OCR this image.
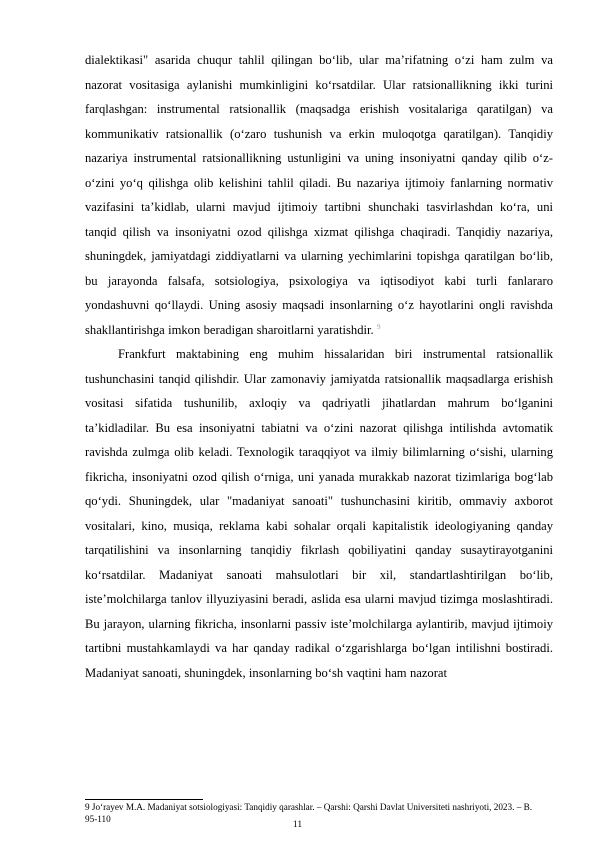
dialektikasi" asarida chuqur tahlil qilingan bo‘lib, ular ma’rifatning o‘zi ham zulm va nazorat vositasiga aylanishi mumkinligini ko‘rsatdilar. Ular ratsionallikning ikki turini farqlashgan: instrumental ratsionallik (maqsadga erishish vositalariga qaratilgan) va kommunikativ ratsionallik (o‘zaro tushunish va erkin muloqotga qaratilgan). Tanqidiy nazariya instrumental ratsionallikning ustunligini va uning insoniyatni qanday qilib o‘z-o‘zini yo‘q qilishga olib kelishini tahlil qiladi. Bu nazariya ijtimoiy fanlarning normativ vazifasini ta’kidlab, ularni mavjud ijtimoiy tartibni shunchaki tasvirlashdan ko‘ra, uni tanqid qilish va insoniyatni ozod qilishga xizmat qilishga chaqiradi. Tanqidiy nazariya, shuningdek, jamiyatdagi ziddiyatlarni va ularning yechimlarini topishga qaratilgan bo‘lib, bu jarayonda falsafa, sotsiologiya, psixologiya va iqtisodiyot kabi turli fanlararo yondashuvni qo‘llaydi. Uning asosiy maqsadi insonlarning o‘z hayotlarini ongli ravishda shakllantirishga imkon beradigan sharoitlarni yaratishdir. $^9$

Frankfurt maktabining eng muhim hissalaridan biri instrumental ratsionallik tushunchasini tanqid qilishdir. Ular zamonaviy jamiyatda ratsionallik maqsadlarga erishish vositasi sifatida tushunilib, axloqiy va qadriyatli jihatlardan mahrum bo‘lganini ta’kidladilar. Bu esa insoniyatni tabiatni va o‘zini nazorat qilishga intilishda avtomatik ravishda zulmga olib keladi. Texnologik taraqqiyot va ilmiy bilimlarning o‘sishi, ularning fikricha, insoniyatni ozod qilish o‘rniga, uni yanada murakkab nazorat tizimlariga bog‘lab qo‘ydi. Shuningdek, ular "madaniyat sanoati" tushunchasini kiritib, ommaviy axborot vositalari, kino, musiqa, reklama kabi sohalar orqali kapitalistik ideologiyaning qanday tarqatilishini va insonlarning tanqidiy fikrlash qobiliyatini qanday susaytirayotganini ko‘rsatdilar. Madaniyat sanoati mahsulotlari bir xil, standartlashtirilgan bo‘lib, iste’molchilarga tanlov illyuziyasini beradi, aslida esa ularni mavjud tizimga moslashtiradi. Bu jarayon, ularning fikricha, insonlarni passiv iste’molchilarga aylantirib, mavjud ijtimoiy tartibni mustahkamlaydi va har qanday radikal o‘zgarishlarga bo‘lgan intilishni bostiradi. Madaniyat sanoati, shuningdek, insonlarning bo‘sh vaqtini ham nazorat

9 Jo‘rayev M.A. Madaniyat sotsiologiyasi: Tanqidiy qarashlar. – Qarshi: Qarshi Davlat Universiteti nashriyoti, 2023. – B. 95-110

11
